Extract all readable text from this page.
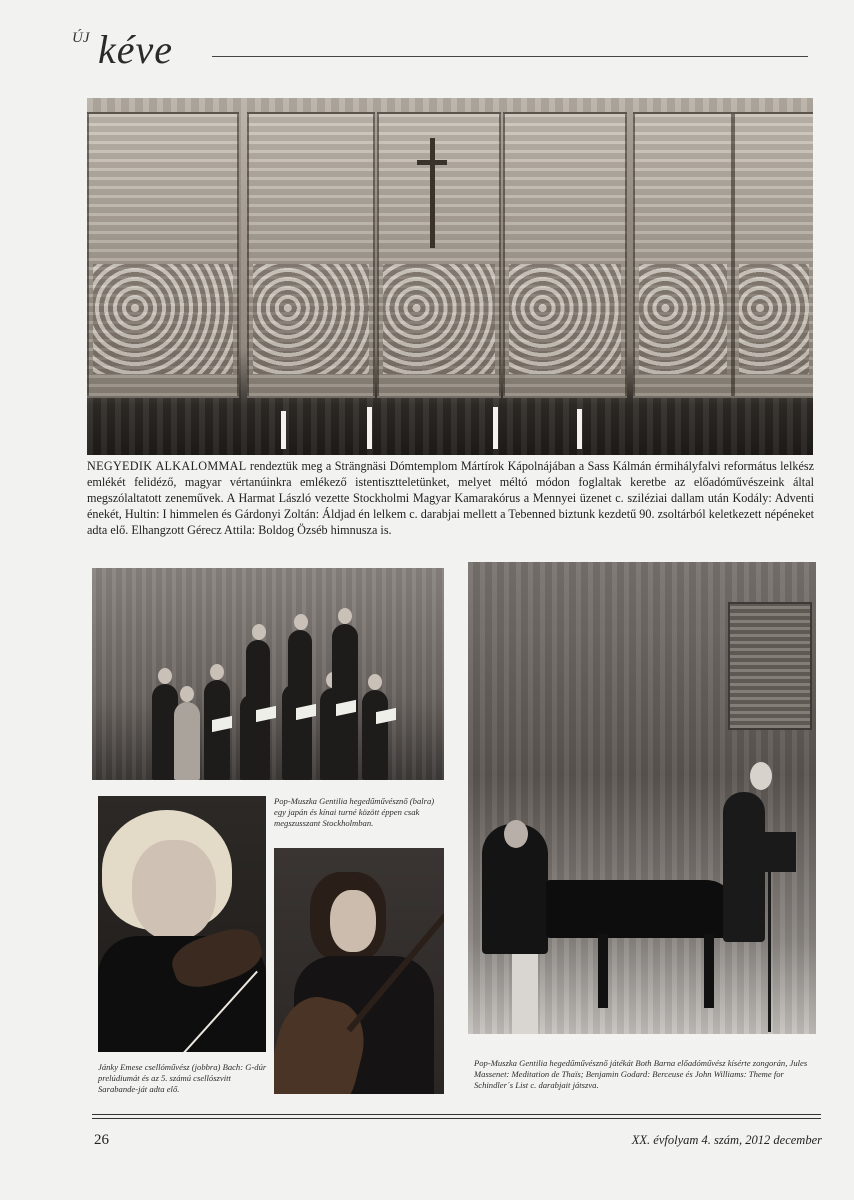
ÚJ kéve
NEGYEDIK ALKALOMMAL rendeztük meg a Strängnäsi Dómtemplom Mártírok Kápolnájában a Sass Kálmán érmihályfalvi református lelkész emlékét felidéző, magyar vértanúinkra emlékező istentisztteletünket, melyet méltó módon foglaltak keretbe az előadóművészeink által megszólaltatott zeneművek. A Harmat László vezette Stockholmi Magyar Kamarakórus a Mennyei üzenet c. sziléziai dallam után Kodály: Adventi énekét, Hultin: I himmelen és Gárdonyi Zoltán: Áldjad én lelkem c. darabjai mellett a Tebenned biztunk kezdetű 90. zsoltárból keletkezett népéneket adta elő. Elhangzott Gérecz Attila: Boldog Özséb himnusza is.
Pop-Muszka Gentilia hegedűművésznő (balra) egy japán és kínai turné között éppen csak megszusszant Stockholmban.
Jánky Emese csellóművész (jobbra) Bach: G-dúr prelúdiumát és az 5. számú csellószvitt Sarabande-ját adta elő.
Pop-Muszka Gentilia hegedűművésznő játékát Both Barna előadóművész kísérte zongorán, Jules Massenet: Meditation de Thaïs; Benjamin Godard: Berceuse és John Williams: Theme for Schindler´s List c. darabjait játszva.
26	XX. évfolyam 4. szám, 2012 december
